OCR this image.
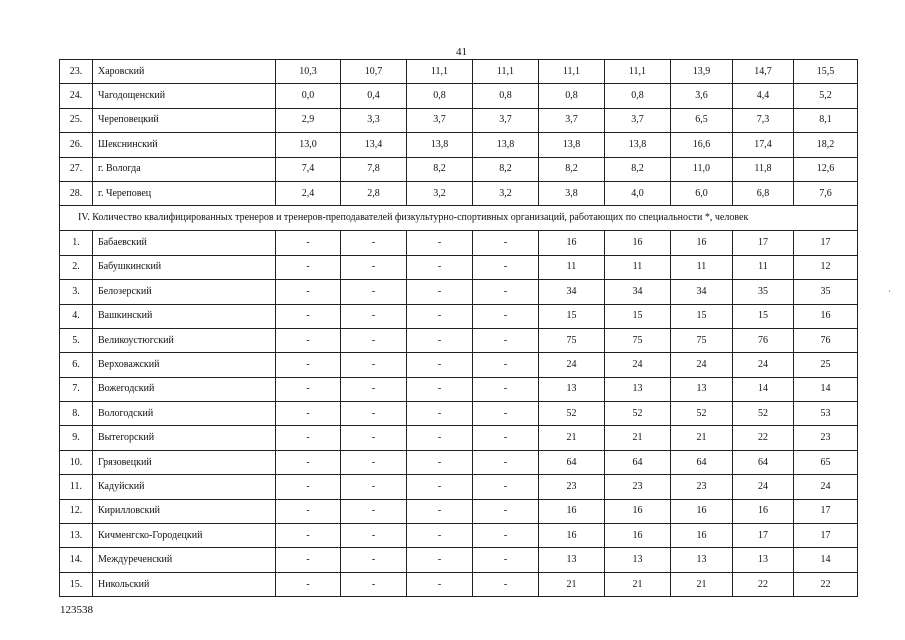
41
·
23.	Харовский	10,3	10,7	11,1	11,1	11,1	11,1	13,9	14,7	15,5
24.	Чагодощенский	0,0	0,4	0,8	0,8	0,8	0,8	3,6	4,4	5,2
25.	Череповецкий	2,9	3,3	3,7	3,7	3,7	3,7	6,5	7,3	8,1
26.	Шекснинский	13,0	13,4	13,8	13,8	13,8	13,8	16,6	17,4	18,2
27.	г. Вологда	7,4	7,8	8,2	8,2	8,2	8,2	11,0	11,8	12,6
28.	г. Череповец	2,4	2,8	3,2	3,2	3,8	4,0	6,0	6,8	7,6
IV. Количество квалифицированных тренеров и тренеров-преподавателей физкультурно-спортивных организаций, работающих по специальности *, человек										
1.	Бабаевский	-	-	-	-	16	16	16	17	17
2.	Бабушкинский	-	-	-	-	11	11	11	11	12
3.	Белозерский	-	-	-	-	34	34	34	35	35
4.	Вашкинский	-	-	-	-	15	15	15	15	16
5.	Великоустюгский	-	-	-	-	75	75	75	76	76
6.	Верховажский	-	-	-	-	24	24	24	24	25
7.	Вожегодский	-	-	-	-	13	13	13	14	14
8.	Вологодский	-	-	-	-	52	52	52	52	53
9.	Вытегорский	-	-	-	-	21	21	21	22	23
10.	Грязовецкий	-	-	-	-	64	64	64	64	65
11.	Кадуйский	-	-	-	-	23	23	23	24	24
12.	Кирилловский	-	-	-	-	16	16	16	16	17
13.	Кичменгско-Городецкий	-	-	-	-	16	16	16	17	17
14.	Междуреченский	-	-	-	-	13	13	13	13	14
15.	Никольский	-	-	-	-	21	21	21	22	22
123538
